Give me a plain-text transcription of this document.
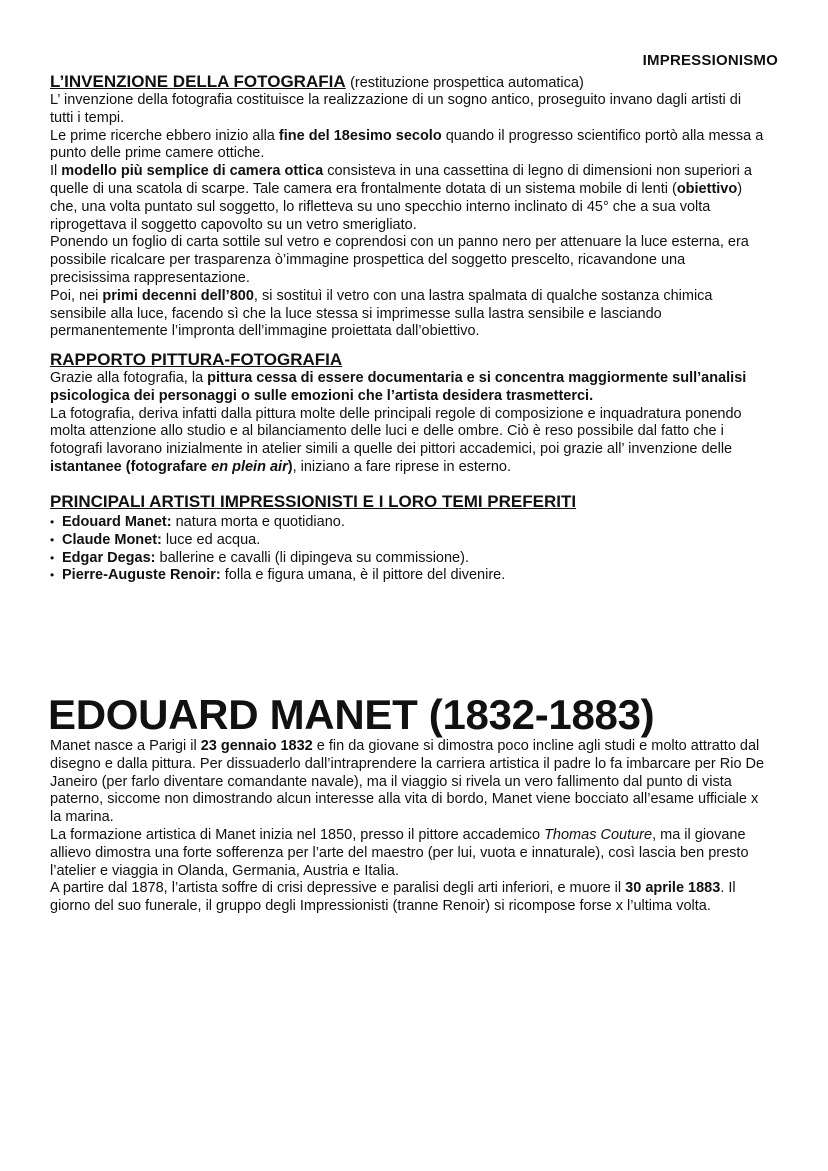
IMPRESSIONISMO
L’INVENZIONE DELLA FOTOGRAFIA (restituzione prospettica automatica)

L’ invenzione della fotografia costituisce la realizzazione di un sogno antico, proseguito invano dagli artisti di tutti i tempi.

Le prime ricerche ebbero inizio alla fine del 18esimo secolo quando il progresso scientifico portò alla messa a punto delle prime camere ottiche.

Il modello più semplice di camera ottica consisteva in una cassettina di legno di dimensioni non superiori a quelle di una scatola di scarpe. Tale camera era frontalmente dotata di un sistema mobile di lenti (obiettivo) che, una volta puntato sul soggetto, lo rifletteva su uno specchio interno inclinato di 45° che a sua volta riprogettava il soggetto capovolto su un vetro smerigliato.

Ponendo un foglio di carta sottile sul vetro e coprendosi con un panno nero per attenuare la luce esterna, era possibile ricalcare per trasparenza ò’immagine prospettica del soggetto prescelto, ricavandone una precisissima rappresentazione.

Poi, nei primi decenni dell’800, si sostituì il vetro con una lastra spalmata di qualche sostanza chimica sensibile alla luce, facendo sì che la luce stessa si imprimesse sulla lastra sensibile e lasciando permanentemente l’impronta dell’immagine proiettata dall’obiettivo.

RAPPORTO PITTURA-FOTOGRAFIA

Grazie alla fotografia, la pittura cessa di essere documentaria e si concentra maggiormente sull’analisi psicologica dei personaggi o sulle emozioni che l’artista desidera trasmetterci.

La fotografia, deriva infatti dalla pittura molte delle principali regole di composizione e inquadratura ponendo molta attenzione allo studio e al bilanciamento delle luci e delle ombre. Ciò è reso possibile dal fatto che i fotografi lavorano inizialmente in atelier simili a quelle dei pittori accademici, poi grazie all’ invenzione delle istantanee (fotografare en plein air), iniziano a fare riprese in esterno.

PRINCIPALI ARTISTI IMPRESSIONISTI E I LORO TEMI PREFERITI
• Edouard Manet: natura morta e quotidiano.
• Claude Monet: luce ed acqua.
• Edgar Degas: ballerine e cavalli (li dipingeva su commissione).
• Pierre-Auguste Renoir: folla e figura umana, è il pittore del divenire.
EDOUARD MANET (1832-1883)

Manet nasce a Parigi il 23 gennaio 1832 e fin da giovane si dimostra poco incline agli studi e molto attratto dal disegno e dalla pittura. Per dissuaderlo dall’intraprendere la carriera artistica il padre lo fa imbarcare per Rio De Janeiro (per farlo diventare comandante navale), ma il viaggio si rivela un vero fallimento dal punto di vista paterno, siccome non dimostrando alcun interesse alla vita di bordo, Manet viene bocciato all’esame ufficiale x la marina.

La formazione artistica di Manet inizia nel 1850, presso il pittore accademico Thomas Couture, ma il giovane allievo dimostra una forte sofferenza per l’arte del maestro (per lui, vuota e innaturale), così lascia ben presto l’atelier e viaggia in Olanda, Germania, Austria e Italia.

A partire dal 1878, l’artista soffre di crisi depressive e paralisi degli arti inferiori, e muore il 30 aprile 1883. Il giorno del suo funerale, il gruppo degli Impressionisti (tranne Renoir) si ricompose forse x l’ultima volta.
